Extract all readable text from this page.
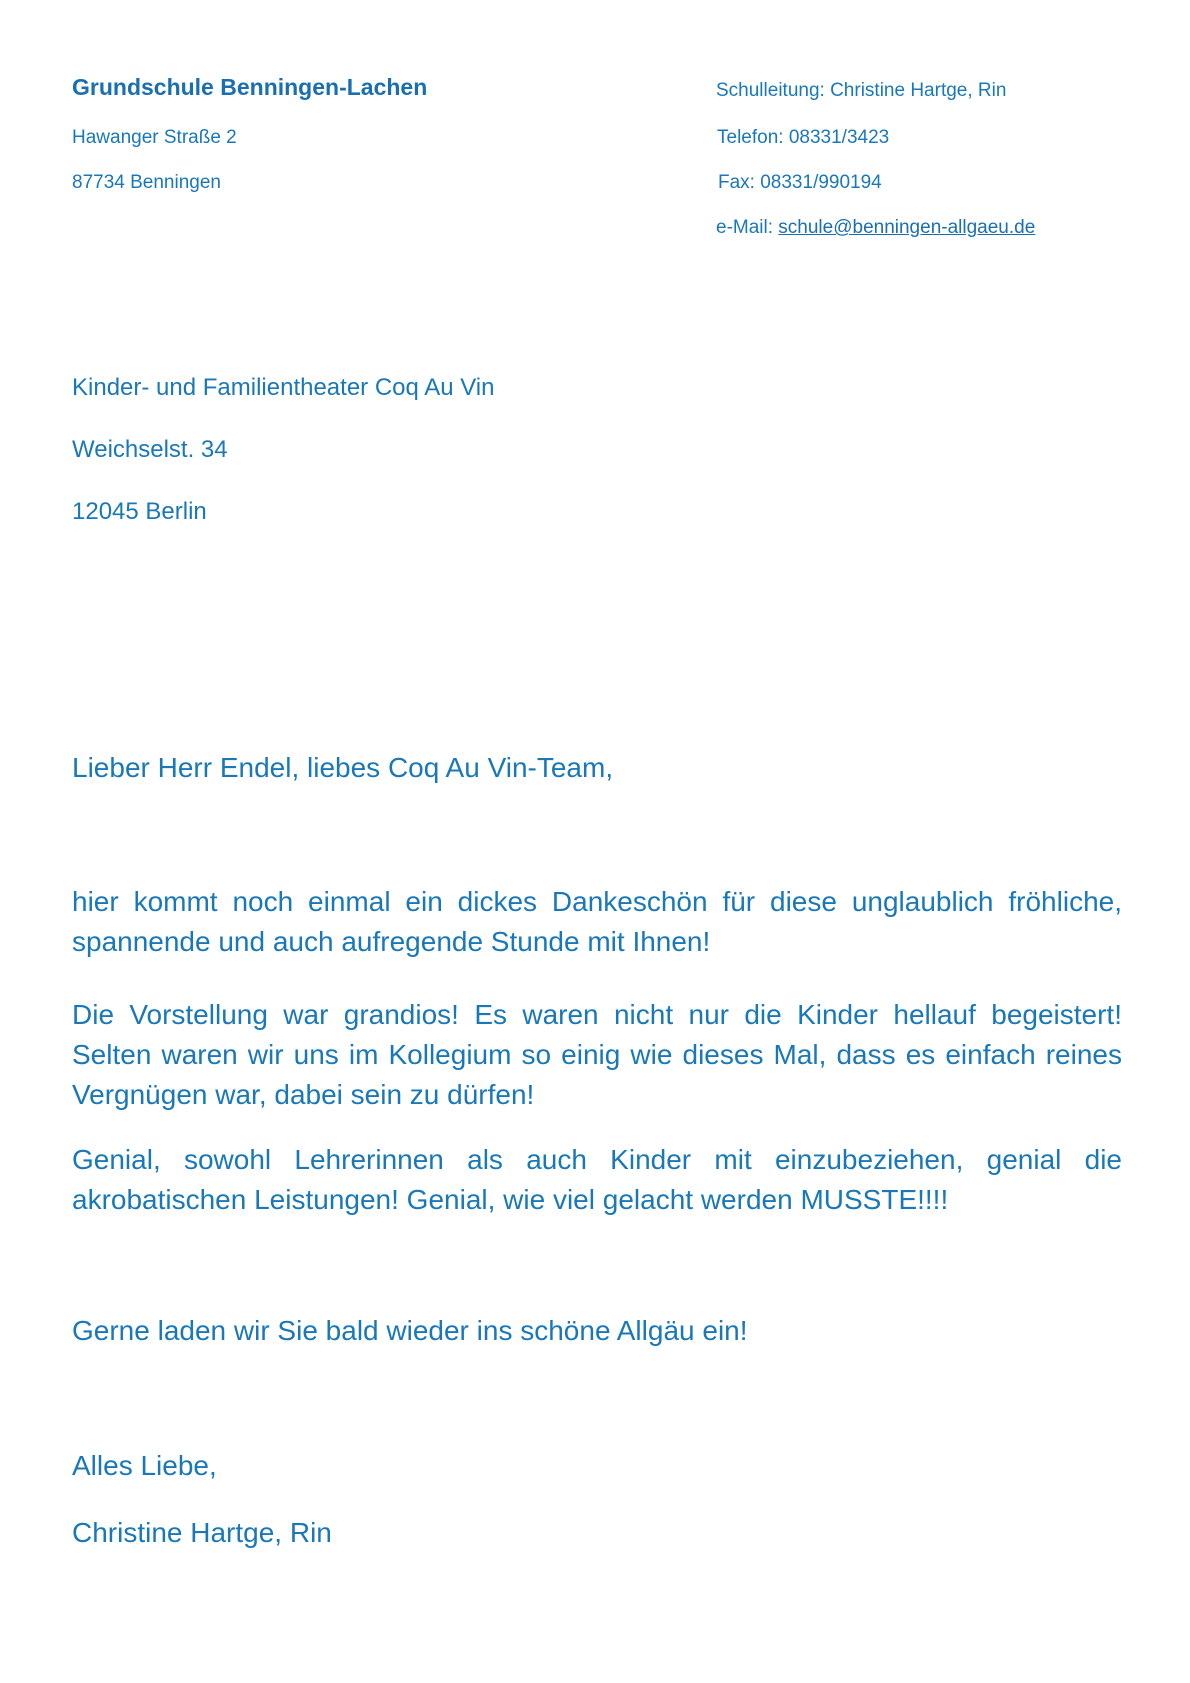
Grundschule Benningen-Lachen

Hawanger Straße 2

87734 Benningen

Schulleitung: Christine Hartge, Rin

Telefon: 08331/3423

Fax: 08331/990194

e-Mail: schule@benningen-allgaeu.de

Kinder- und Familientheater Coq Au Vin

Weichselst. 34

12045 Berlin

Lieber Herr Endel, liebes Coq Au Vin-Team,

hier kommt noch einmal ein dickes Dankeschön für diese unglaublich fröhliche, spannende und auch aufregende Stunde mit Ihnen!

Die Vorstellung war grandios! Es waren nicht nur die Kinder hellauf begeistert! Selten waren wir uns im Kollegium so einig wie dieses Mal, dass es einfach reines Vergnügen war, dabei sein zu dürfen!

Genial, sowohl Lehrerinnen als auch Kinder mit einzubeziehen, genial die akrobatischen Leistungen! Genial, wie viel gelacht werden MUSSTE!!!!

Gerne laden wir Sie bald wieder ins schöne Allgäu ein!

Alles Liebe,

Christine Hartge, Rin
